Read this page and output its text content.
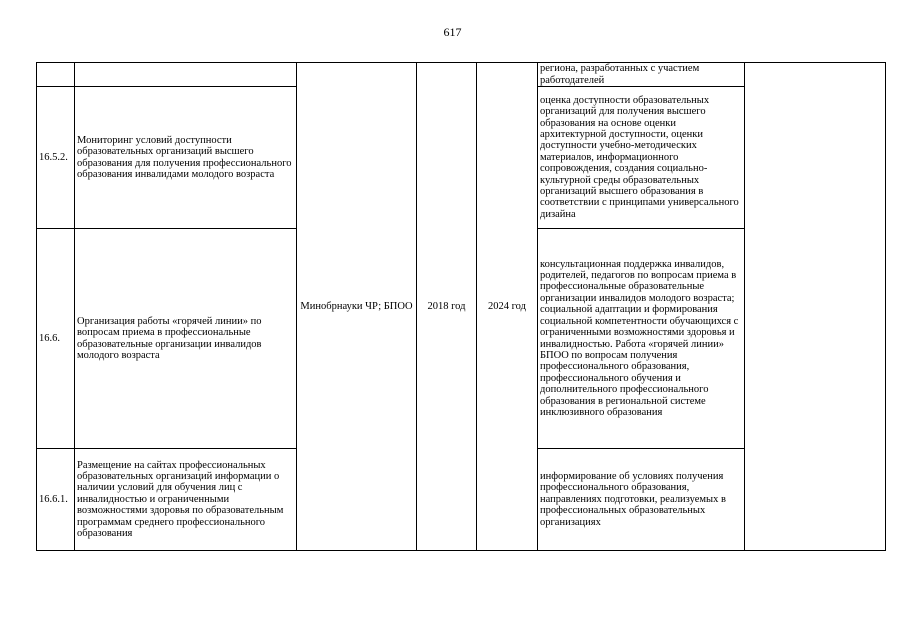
617
		Минобрнауки ЧР; БПОО	2018 год	2024 год	региона, разработанных с участием работодателей	
16.5.2.	Мониторинг условий доступности образовательных организаций высшего образования для получения профессионального образования инвалидами молодого возраста				оценка доступности образовательных организаций для получения высшего образования на основе оценки архитектурной доступности, оценки доступности учебно-методических материалов, информационного сопровождения, создания социально-культурной среды образовательных организаций высшего образования в соответствии с принципами универсального дизайна	
16.6.	Организация работы «горячей линии» по вопросам приема в профессиональные образовательные организации инвалидов молодого возраста				консультационная поддержка инвалидов, родителей, педагогов по вопросам приема в профессиональные образовательные организации инвалидов молодого возраста; социальной адаптации и формирования социальной компетентности обучающихся с ограниченными возможностями здоровья и инвалидностью. Работа «горячей линии» БПОО по вопросам получения профессионального образования, профессионального обучения и дополнительного профессионального образования в региональной системе инклюзивного образования	
16.6.1.	Размещение на сайтах профессиональных образовательных организаций информации о наличии условий для обучения лиц с инвалидностью и ограниченными возможностями здоровья по образовательным программам среднего профессионального образования				информирование об условиях получения профессионального образования, направлениях подготовки, реализуемых в профессиональных образовательных организациях	
